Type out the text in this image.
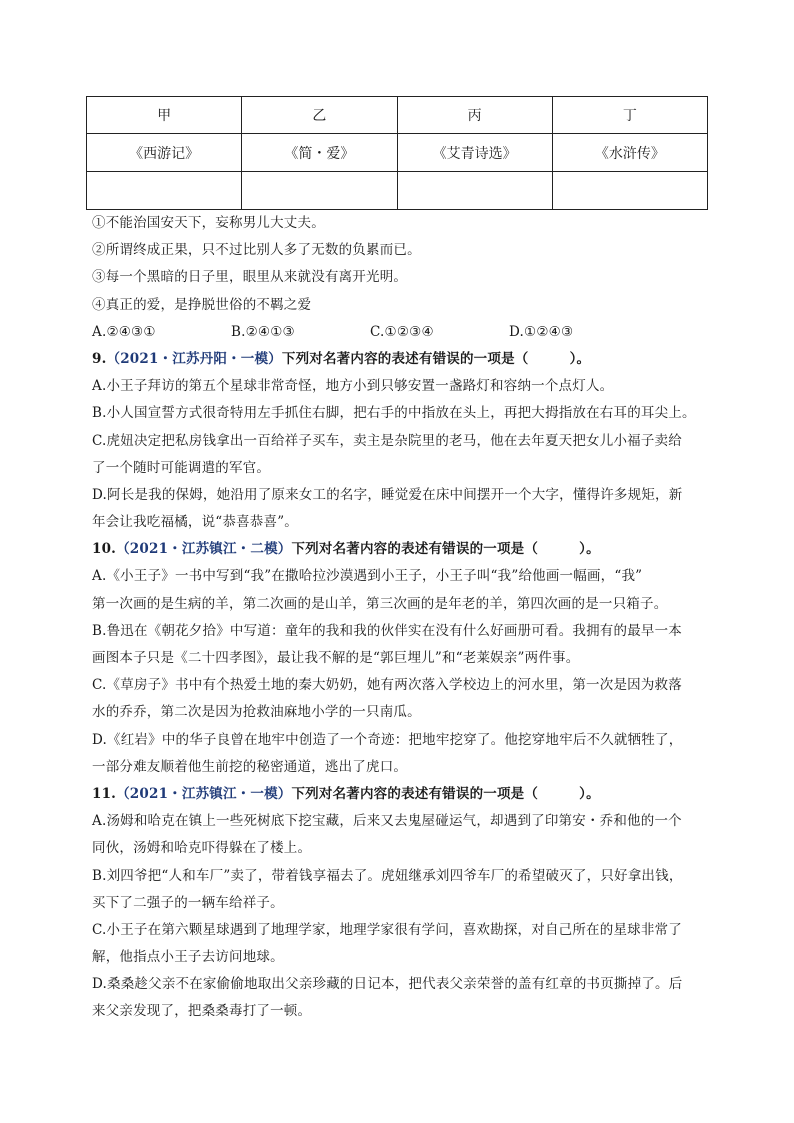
甲	乙	丙	丁
《西游记》	《简・爱》	《艾青诗选》	《水浒传》

①不能治国安天下，妄称男儿大丈夫。
②所谓终成正果，只不过比别人多了无数的负累而已。
③每一个黑暗的日子里，眼里从来就没有离开光明。
④真正的爱，是挣脱世俗的不羁之爱
A.②④③①	B.②④①③	C.①②③④	D.①②④③
9.（2021・江苏丹阳・一模）下列对名著内容的表述有错误的一项是（　　　）。
A.小王子拜访的第五个星球非常奇怪，地方小到只够安置一盏路灯和容纳一个点灯人。
B.小人国宣誓方式很奇特用左手抓住右脚，把右手的中指放在头上，再把大拇指放在右耳的耳尖上。
C.虎妞决定把私房钱拿出一百给祥子买车，卖主是杂院里的老马，他在去年夏天把女儿小福子卖给
了一个随时可能调遣的军官。
D.阿长是我的保姆，她沿用了原来女工的名字，睡觉爱在床中间摆开一个大字，懂得许多规矩，新
年会让我吃福橘，说“恭喜恭喜”。
10.（2021・江苏镇江・二模）下列对名著内容的表述有错误的一项是（　　　）。
A.《小王子》一书中写到“我”在撒哈拉沙漠遇到小王子，小王子叫“我”给他画一幅画，“我”
第一次画的是生病的羊，第二次画的是山羊，第三次画的是年老的羊，第四次画的是一只箱子。
B.鲁迅在《朝花夕拾》中写道：童年的我和我的伙伴实在没有什么好画册可看。我拥有的最早一本
画图本子只是《二十四孝图》，最让我不解的是“郭巨埋儿”和“老莱娱亲”两件事。
C.《草房子》书中有个热爱土地的秦大奶奶，她有两次落入学校边上的河水里，第一次是因为救落
水的乔乔，第二次是因为抢救油麻地小学的一只南瓜。
D.《红岩》中的华子良曾在地牢中创造了一个奇迹：把地牢挖穿了。他挖穿地牢后不久就牺牲了，
一部分难友顺着他生前挖的秘密通道，逃出了虎口。
11.（2021・江苏镇江・一模）下列对名著内容的表述有错误的一项是（　　　）。
A.汤姆和哈克在镇上一些死树底下挖宝藏，后来又去鬼屋碰运气，却遇到了印第安・乔和他的一个
同伙，汤姆和哈克吓得躲在了楼上。
B.刘四爷把“人和车厂”卖了，带着钱享福去了。虎妞继承刘四爷车厂的希望破灭了，只好拿出钱，
买下了二强子的一辆车给祥子。
C.小王子在第六颗星球遇到了地理学家，地理学家很有学问，喜欢勘探，对自己所在的星球非常了
解，他指点小王子去访问地球。
D.桑桑趁父亲不在家偷偷地取出父亲珍藏的日记本，把代表父亲荣誉的盖有红章的书页撕掉了。后
来父亲发现了，把桑桑毒打了一顿。
